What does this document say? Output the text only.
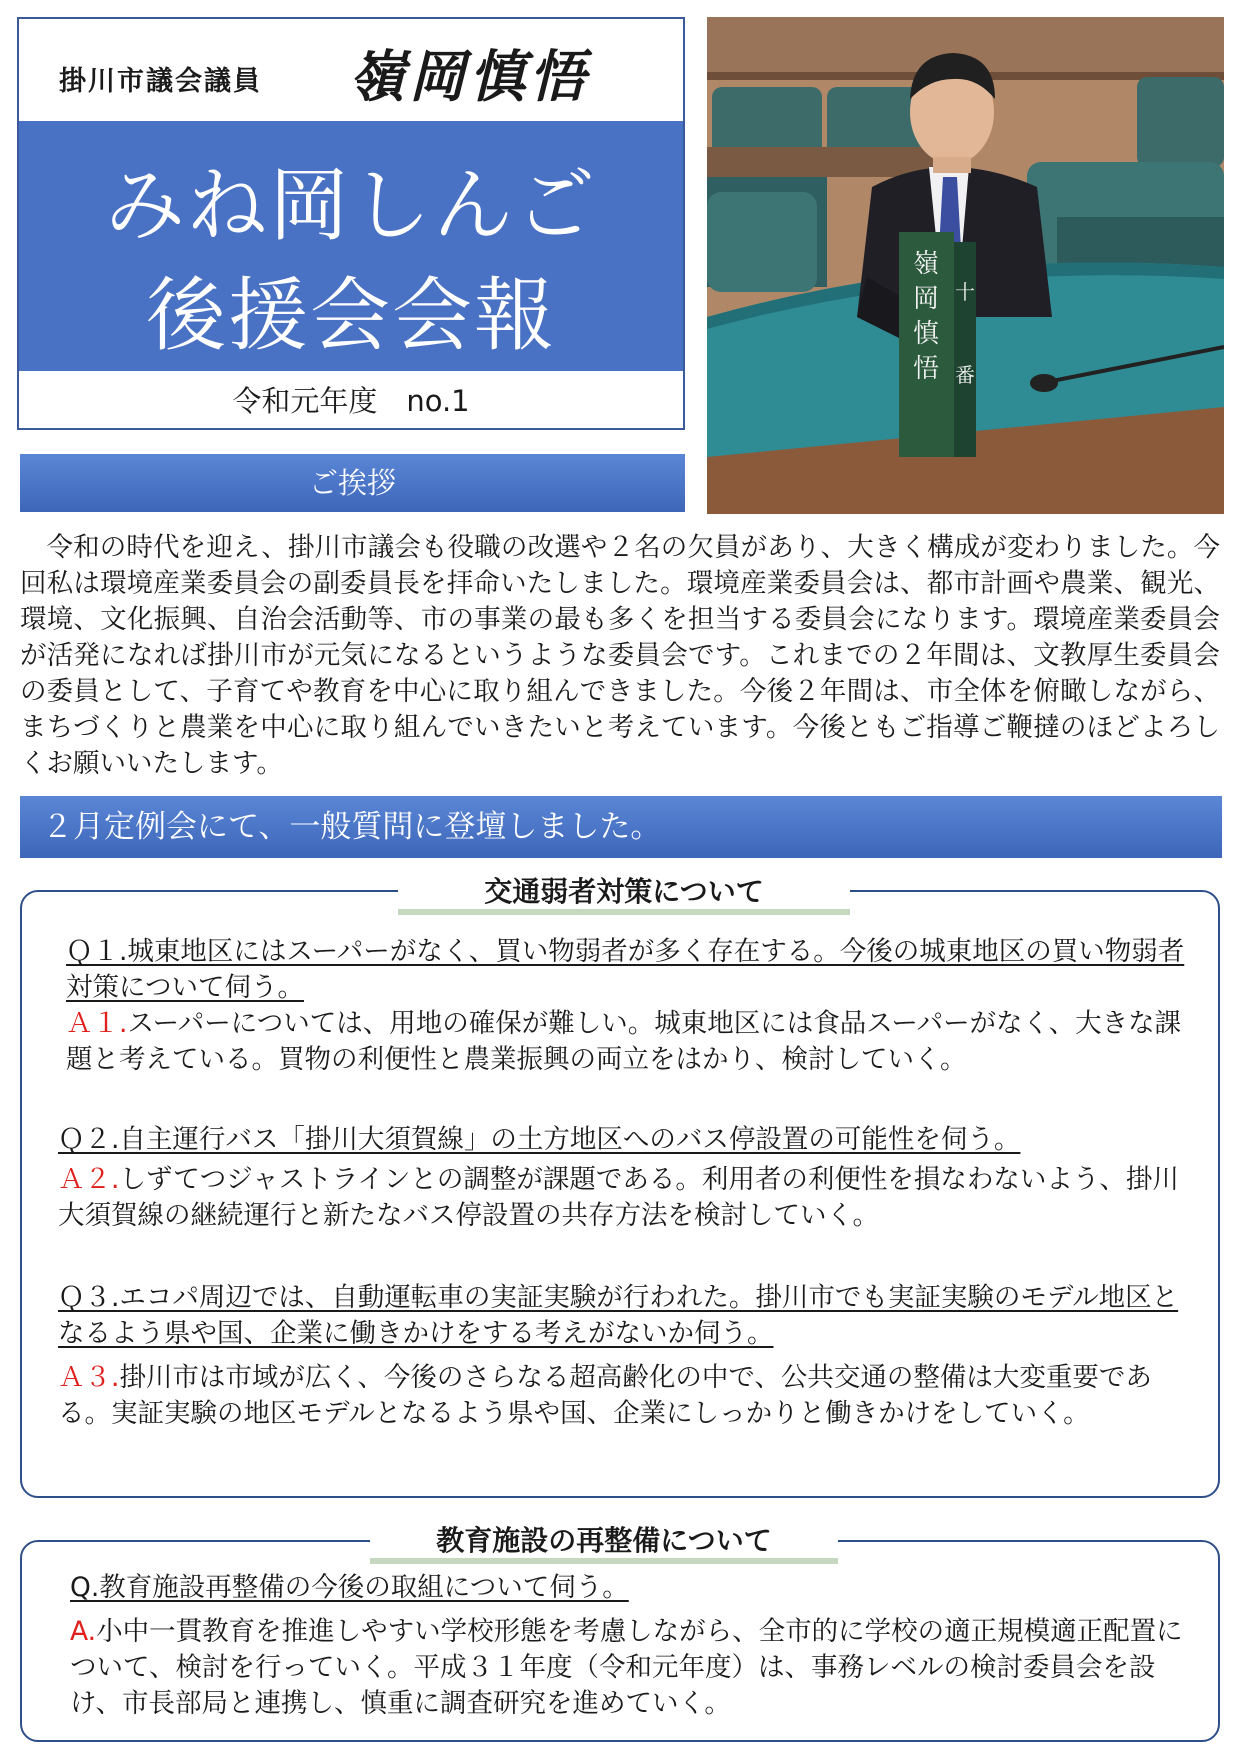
掛川市議会議員 嶺岡慎悟
みね岡しんご
後援会会報
令和元年度　no.1
嶺
岡
慎
悟
十
番
ご挨拶
令和の時代を迎え、掛川市議会も役職の改選や２名の欠員があり、大きく構成が変わりました。今回私は環境産業委員会の副委員長を拝命いたしました。環境産業委員会は、都市計画や農業、観光、環境、文化振興、自治会活動等、市の事業の最も多くを担当する委員会になります。環境産業委員会が活発になれば掛川市が元気になるというような委員会です。これまでの２年間は、文教厚生委員会の委員として、子育てや教育を中心に取り組んできました。今後２年間は、市全体を俯瞰しながら、まちづくりと農業を中心に取り組んでいきたいと考えています。今後ともご指導ご鞭撻のほどよろしくお願いいたします。
２月定例会にて、一般質問に登壇しました。
交通弱者対策について
Ｑ１.城東地区にはスーパーがなく、買い物弱者が多く存在する。今後の城東地区の買い物弱者対策について伺う。
Ａ１.スーパーについては、用地の確保が難しい。城東地区には食品スーパーがなく、大きな課題と考えている。買物の利便性と農業振興の両立をはかり、検討していく。
Ｑ２.自主運行バス「掛川大須賀線」の土方地区へのバス停設置の可能性を伺う。
Ａ２.しずてつジャストラインとの調整が課題である。利用者の利便性を損なわないよう、掛川大須賀線の継続運行と新たなバス停設置の共存方法を検討していく。
Ｑ３.エコパ周辺では、自動運転車の実証実験が行われた。掛川市でも実証実験のモデル地区となるよう県や国、企業に働きかけをする考えがないか伺う。
Ａ３.掛川市は市域が広く、今後のさらなる超高齢化の中で、公共交通の整備は大変重要である。実証実験の地区モデルとなるよう県や国、企業にしっかりと働きかけをしていく。
教育施設の再整備について
Q.教育施設再整備の今後の取組について伺う。
A.小中一貫教育を推進しやすい学校形態を考慮しながら、全市的に学校の適正規模適正配置について、検討を行っていく。平成３１年度（令和元年度）は、事務レベルの検討委員会を設け、市長部局と連携し、慎重に調査研究を進めていく。
